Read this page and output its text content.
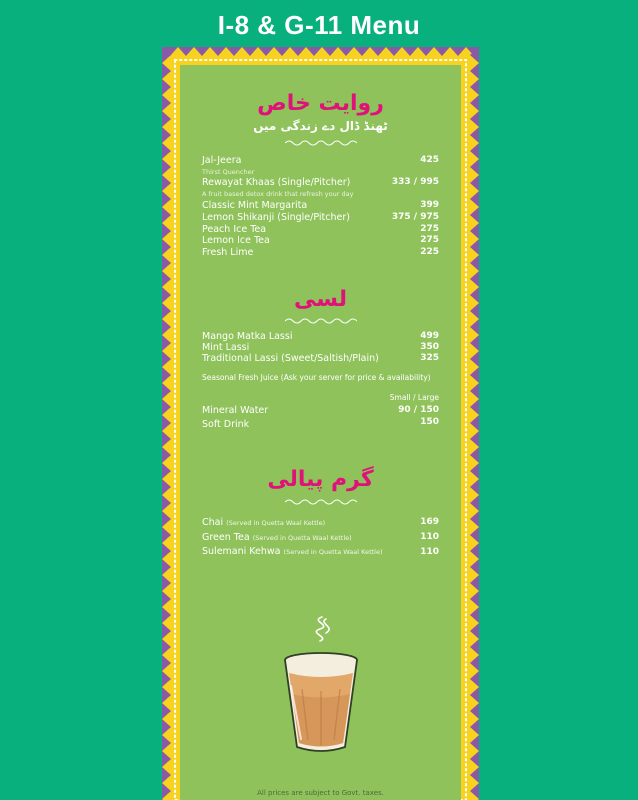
I-8 & G-11 Menu
روایت خاص
ٹھنڈ ڈال دے زندگی میں
Jal-Jeera	425
Thirst Quencher
Rewayat Khaas (Single/Pitcher)	333 / 995
A fruit based detox drink that refresh your day
Classic Mint Margarita	399
Lemon Shikanji (Single/Pitcher)	375 / 975
Peach Ice Tea	275
Lemon Ice Tea	275
Fresh Lime	225
لسی
Mango Matka Lassi	499
Mint Lassi	350
Traditional Lassi (Sweet/Saltish/Plain)	325
Seasonal Fresh Juice (Ask your server for price & availability)
Small / Large
Mineral Water	90 / 150
Soft Drink	150
گرم پیالی
Chai (Served in Quetta Waal Kettle)	169
Green Tea (Served in Quetta Waal Kettle)	110
Sulemani Kehwa (Served in Quetta Waal Kettle)	110
All prices are subject to Govt. taxes.
